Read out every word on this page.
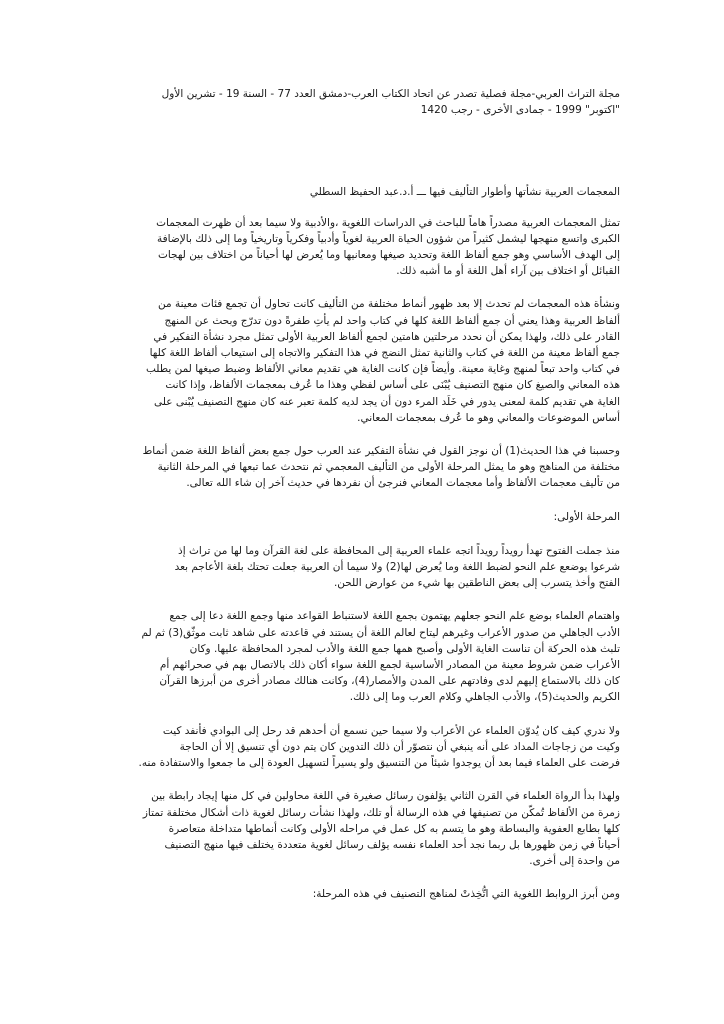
مجلة التراث العربي-مجلة فصلية تصدر عن اتحاد الكتاب العرب-دمشق العدد 77 - السنة 19 - تشرين الأول

"اكتوبر" 1999 - جمادى الأخرى - رجب 1420

المعجمات العربية نشأتها وأطوار التأليف فيها ـــ أ.د.عبد الحفيظ السطلي

تمثل المعجمات العربية مصدراً هاماً للباحث في الدراسات اللغوية ،والأدبية ولا سيما بعد أن ظهرت المعجمات
الكبرى واتسع منهجها ليشمل كثيراً من شؤون الحياة العربية لغوياً وأدبياً وفكرياً وتاريخياً وما إلى ذلك بالإضافة
إلى الهدف الأساسي وهو جمع ألفاظ اللغة وتحديد صيغها ومعانيها وما يُعرض لها أحياناً من اختلاف بين لهجات
القبائل أو اختلاف بين آراء أهل اللغة أو ما أشبه ذلك.
ونشأة هذه المعجمات لم تحدث إلا بعد ظهور أنماط مختلفة من التأليف كانت تحاول أن تجمع فئات معينة من
ألفاظ العربية وهذا يعني أن جمع ألفاظ اللغة كلها في كتاب واحد لم يأتِ طفرةً دون تدرّج وبحث عن المنهج
القادر على ذلك، ولهذا يمكن أن نحدد مرحلتين هامتين لجمع ألفاظ العربية الأولى تمثل مجرد نشأة التفكير في
جمع ألفاظ معينة من اللغة في كتاب والثانية تمثل النضج في هذا التفكير والاتجاه إلى استيعاب ألفاظ اللغة كلها
في كتاب واحد تبعاً لمنهج وغاية معينة. وأيضاً فإن كانت الغاية هي تقديم معاني الألفاظ وضبط صيغها لمن يطلب
هذه المعاني والصيغ كان منهج التصنيف يُبْنَى على أساس لفظي وهذا ما عُرف بمعجمات الألفاظ، وإذا كانت
الغاية هي تقديم كلمة لمعنى يدور في خَلَد المرء دون أن يجد لديه كلمة تعبر عنه كان منهج التصنيف يُبْنى على
أساس الموضوعات والمعاني وهو ما عُرف بمعجمات المعاني.
وحسبنا في هذا الحديث(1) أن نوجز القول في نشأة التفكير عند العرب حول جمع بعض ألفاظ اللغة ضمن أنماط
مختلفة من المناهج وهو ما يمثل المرحلة الأولى من التأليف المعجمي ثم نتحدث عما تبعها في المرحلة الثانية
من تأليف معجمات الألفاظ وأما معجمات المعاني فنرجئ أن نفردها في حديث آخر إن شاء الله تعالى.

المرحلة الأولى:

منذ جملت الفتوح تهدأ رويداً رويداً اتجه علماء العربية إلى المحافظة على لغة القرآن وما لها من تراث إذ
شرعوا يوضعع علم النحو لضبط اللغة وما يُعرض لها(2) ولا سيما أن العربية جعلت تحتك بلغة الأعاجم بعد
الفتح وأخذ يتسرب إلى بعض الناطقين بها شيء من عوارض اللحن.
واهتمام العلماء بوضع علم النحو جعلهم يهتمون بجمع اللغة لاستنباط القواعد منها وجمع اللغة دعا إلى جمع
الأدب الجاهلي من صدور الأعراب وغيرهم ليتاح لعالم اللغة أن يستند في قاعدته على شاهد ثابت موثّق(3) ثم لم
تلبث هذه الحركة أن تناست الغاية الأولى وأصبح همها جمع اللغة والأدب لمجرد المحافظة عليها. وكان
الأعراب ضمن شروط معينة من المصادر الأساسية لجمع اللغة سواء أكان ذلك بالاتصال بهم في صحرائهم أم
كان ذلك بالاستماع إليهم لدى وفادتهم على المدن والأمصار(4)، وكانت هنالك مصادر أخرى من أبرزها القرآن
الكريم والحديث(5)، والأدب الجاهلي وكلام العرب وما إلى ذلك.
ولا ندري كيف كان يُدوّن العلماء عن الأعراب ولا سيما حين نسمع أن أحدهم قد رحل إلى البوادي فأنفد كيت
وكيت من زجاجات المداد على أنه ينبغي أن نتصوّر أن ذلك التدوين كان يتم دون أي تنسيق إلا أن الحاجة
فرضت على العلماء فيما بعد أن يوجدوا شيئاً من التنسيق ولو يسيراً لتسهيل العودة إلى ما جمعوا والاستفادة منه.
ولهذا بدأ الرواة العلماء في القرن الثاني يؤلفون رسائل صغيرة في اللغة محاولين في كل منها إيجاد رابطة بين
زمرة من الألفاظ تُمكّن من تصنيفها في هذه الرسالة أو تلك، ولهذا نشأت رسائل لغوية ذات أشكال مختلفة تمتاز
كلها بطابع العفوية والبساطة وهو ما يتسم به كل عمل في مراحله الأولى وكانت أنماطها متداخلة متعاصرة
أحياناً في زمن ظهورها بل ربما نجد أحد العلماء نفسه يؤلف رسائل لغوية متعددة يختلف فيها منهج التصنيف
من واحدة إلى أخرى.
ومن أبرز الروابط اللغوية التي اتُّخِذتْ لمناهج التصنيف في هذه المرحلة:
